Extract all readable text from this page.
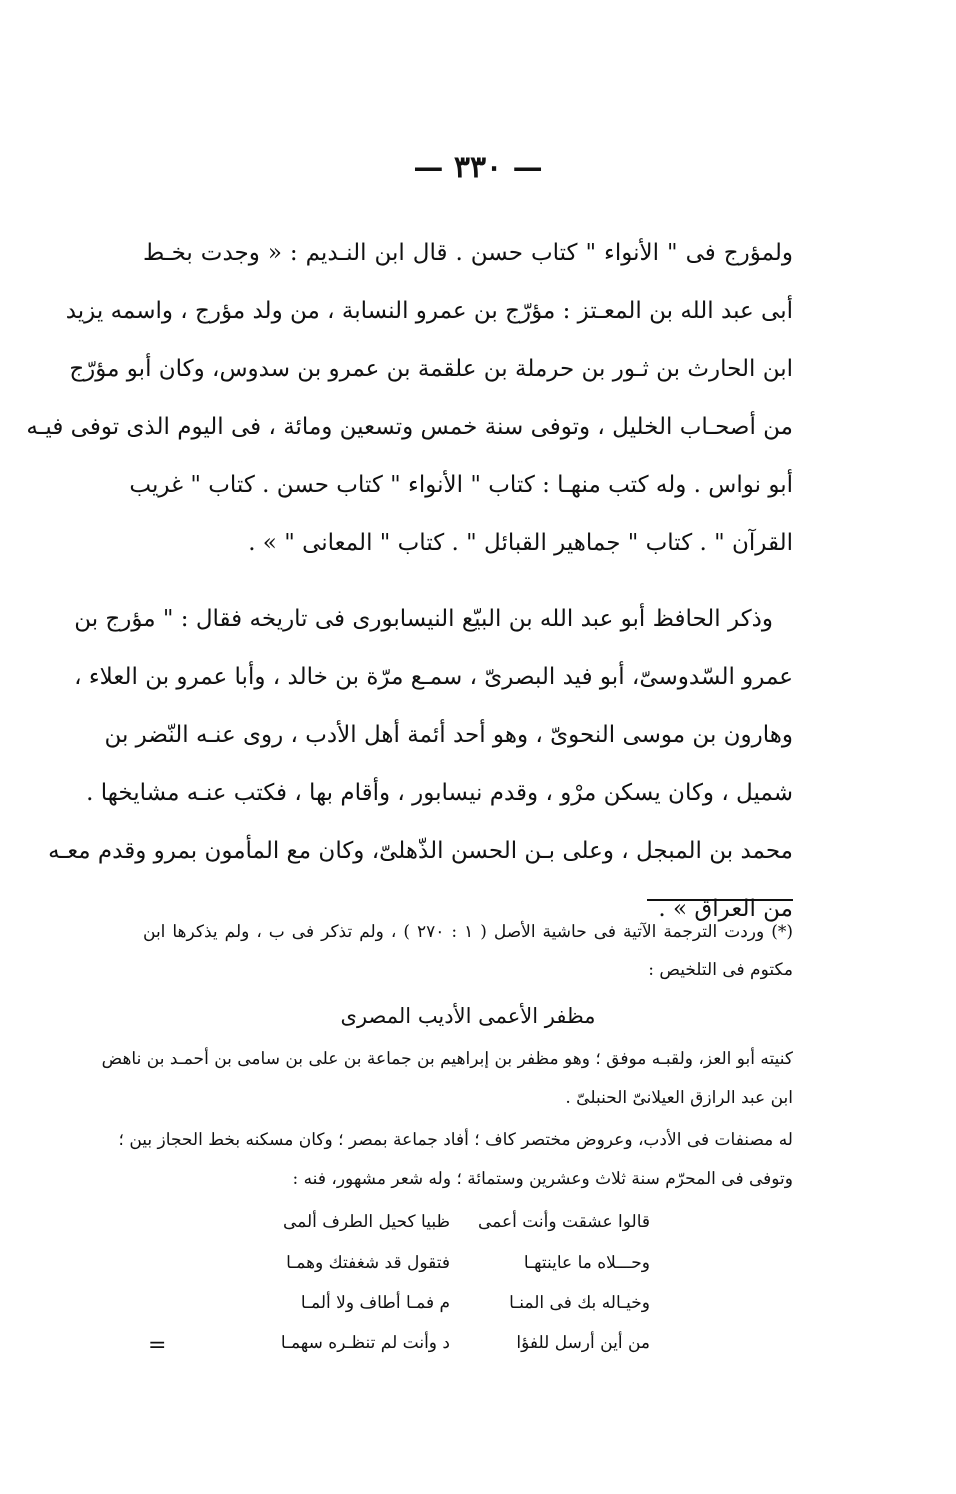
— ٣٣٠ —
ولمؤرج فى " الأنواء " كتاب حسن . قال ابن النـديم : « وجدت بخـط
أبى عبد الله بن المعـتز : مؤرّج بن عمرو النسابة ، من ولد مؤرج ، واسمه يزيد
ابن الحارث بن ثـور بن حرملة بن علقمة بن عمرو بن سدوس، وكان أبو مؤرّج
من أصحـاب الخليل ، وتوفى سنة خمس وتسعين ومائة ، فى اليوم الذى توفى فيـه
أبو نواس . وله كتب منهـا : كتاب " الأنواء " كتاب حسن . كتاب " غريب
القرآن " . كتاب " جماهير القبائل " . كتاب " المعانى " » .
وذكر الحافظ أبو عبد الله بن البيّع النيسابورى فى تاريخه فقال : " مؤرج بن
عمرو السّدوسىّ، أبو فيد البصرىّ ، سمـع مرّة بن خالد ، وأبا عمرو بن العلاء ،
وهارون بن موسى النحوىّ ، وهو أحد أئمة أهل الأدب ، روى عنـه النّضر بن
شميل ، وكان يسكن مرْو ، وقدم نيسابور ، وأقام بها ، فكتب عنـه مشايخها .
محمد بن المبجل ، وعلى بـن الحسن الذّهلىّ، وكان مع المأمون بمرو وقدم معـه
من العراق » .
(*) وردت الترجمة الآتية فى حاشية الأصل ( ١ : ٢٧٠ ) ، ولم تذكر فى ب ، ولم يذكرها ابن
مكتوم فى التلخيص :
مظفر الأعمى الأديب المصرى
كنيته أبو العز، ولقبـه موفق ؛ وهو مظفر بن إبراهيم بن جماعة بن على بن سامى بن أحمـد بن ناهض
ابن عبد الرازق العيلانىّ الحنبلىّ .
له مصنفات فى الأدب، وعروض مختصر كاف ؛ أفاد جماعة بمصر ؛ وكان مسكنه بخط الحجاز بين ؛
وتوفى فى المحرّم سنة ثلاث وعشرين وستمائة ؛ وله شعر مشهور، فنه :
قالوا عشقت وأنت أعمى
ظبيا كحيل الطرف ألمى
وحـــلاه ما عاينتهـا
فتقول قد شغفتك وهمـا
وخيـاله بك فى المنـا
م فمـا أطاف ولا ألمـا
من أين أرسل للفؤا
د وأنت لم تنظـره سهمـا
=
